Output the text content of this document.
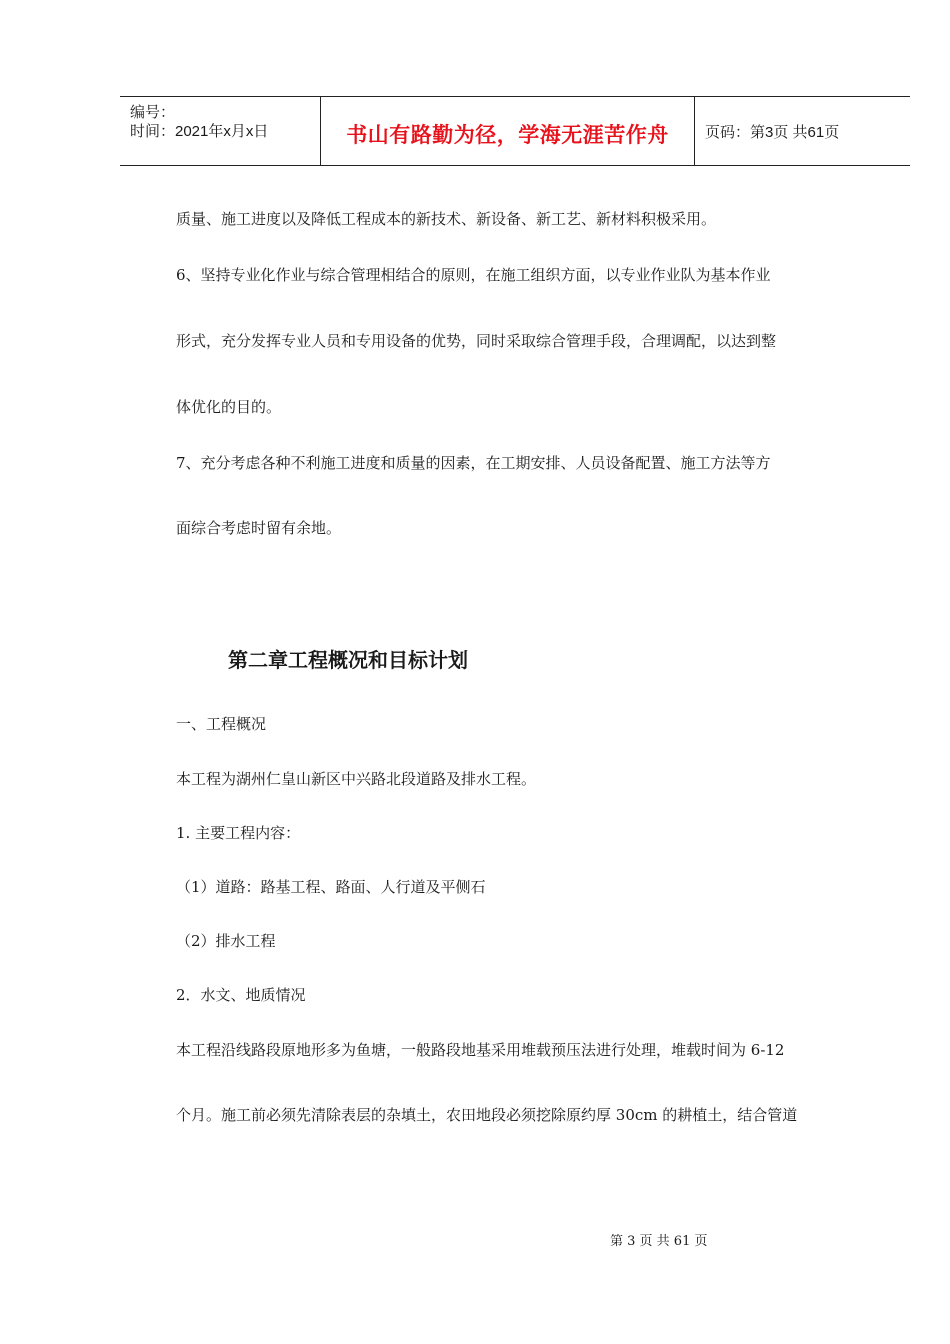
编号：
时间：2021年x月x日	书山有路勤为径，学海无涯苦作舟	页码：第3页 共61页
质量、施工进度以及降低工程成本的新技术、新设备、新工艺、新材料积极采用。
6、坚持专业化作业与综合管理相结合的原则，在施工组织方面，以专业作业队为基本作业
形式，充分发挥专业人员和专用设备的优势，同时采取综合管理手段，合理调配，以达到整
体优化的目的。
7、充分考虑各种不利施工进度和质量的因素，在工期安排、人员设备配置、施工方法等方
面综合考虑时留有余地。
第二章工程概况和目标计划
一、工程概况
本工程为湖州仁皇山新区中兴路北段道路及排水工程。
1. 主要工程内容：
（1）道路：路基工程、路面、人行道及平侧石
（2）排水工程
2．水文、地质情况
本工程沿线路段原地形多为鱼塘，一般路段地基采用堆载预压法进行处理，堆载时间为 6-12
个月。施工前必须先清除表层的杂填土，农田地段必须挖除原约厚 30cm 的耕植土，结合管道
第 3 页 共 61 页
